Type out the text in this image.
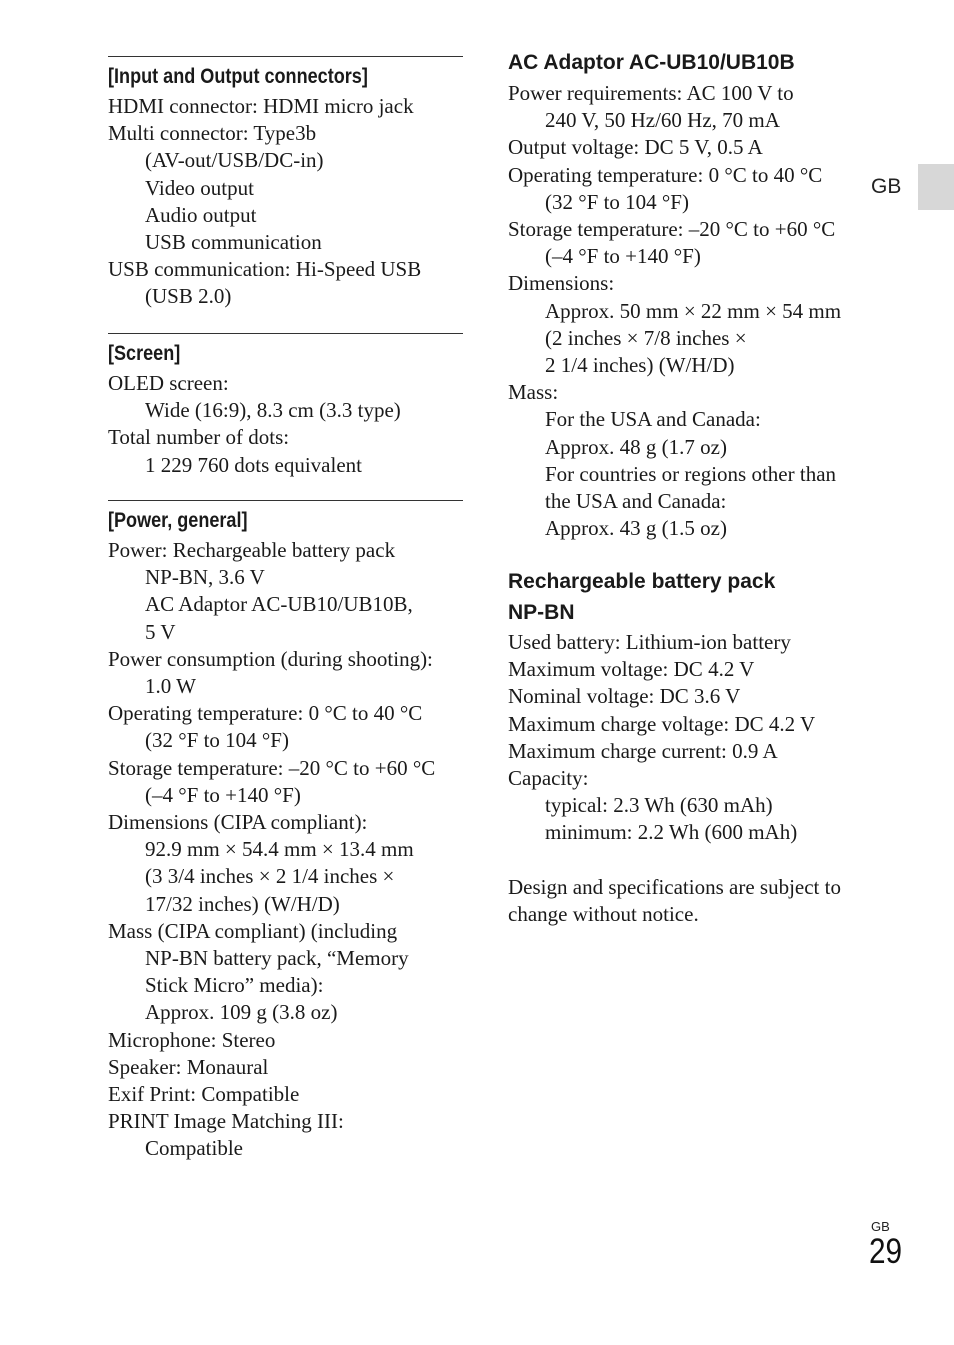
[Input and Output connectors]
HDMI connector: HDMI micro jack
Multi connector: Type3b
(AV-out/USB/DC-in)
Video output
Audio output
USB communication
USB communication: Hi-Speed USB
(USB 2.0)
[Screen]
OLED screen:
Wide (16:9), 8.3 cm (3.3 type)
Total number of dots:
1 229 760 dots equivalent
[Power, general]
Power: Rechargeable battery pack
NP-BN, 3.6 V
AC Adaptor AC-UB10/UB10B,
5 V
Power consumption (during shooting):
1.0 W
Operating temperature: 0 °C to 40 °C
(32 °F to 104 °F)
Storage temperature: –20 °C to +60 °C
(–4 °F to +140 °F)
Dimensions (CIPA compliant):
92.9 mm × 54.4 mm × 13.4 mm
(3 3/4 inches × 2 1/4 inches ×
17/32 inches) (W/H/D)
Mass (CIPA compliant) (including
NP-BN battery pack, “Memory
Stick Micro” media):
Approx. 109 g (3.8 oz)
Microphone: Stereo
Speaker: Monaural
Exif Print: Compatible
PRINT Image Matching III:
Compatible
AC Adaptor AC-UB10/UB10B
Power requirements: AC 100 V to
240 V, 50 Hz/60 Hz, 70 mA
Output voltage: DC 5 V, 0.5 A
Operating temperature: 0 °C to 40 °C
(32 °F to 104 °F)
Storage temperature: –20 °C to +60 °C
(–4 °F to +140 °F)
Dimensions:
Approx. 50 mm × 22 mm × 54 mm
(2 inches × 7/8 inches ×
2 1/4 inches) (W/H/D)
Mass:
For the USA and Canada:
Approx. 48 g (1.7 oz)
For countries or regions other than
the USA and Canada:
Approx. 43 g (1.5 oz)
Rechargeable battery pack
NP-BN
Used battery: Lithium-ion battery
Maximum voltage: DC 4.2 V
Nominal voltage: DC 3.6 V
Maximum charge voltage: DC 4.2 V
Maximum charge current: 0.9 A
Capacity:
typical: 2.3 Wh (630 mAh)
minimum: 2.2 Wh (600 mAh)
Design and specifications are subject to
change without notice.
GB
GB
29
